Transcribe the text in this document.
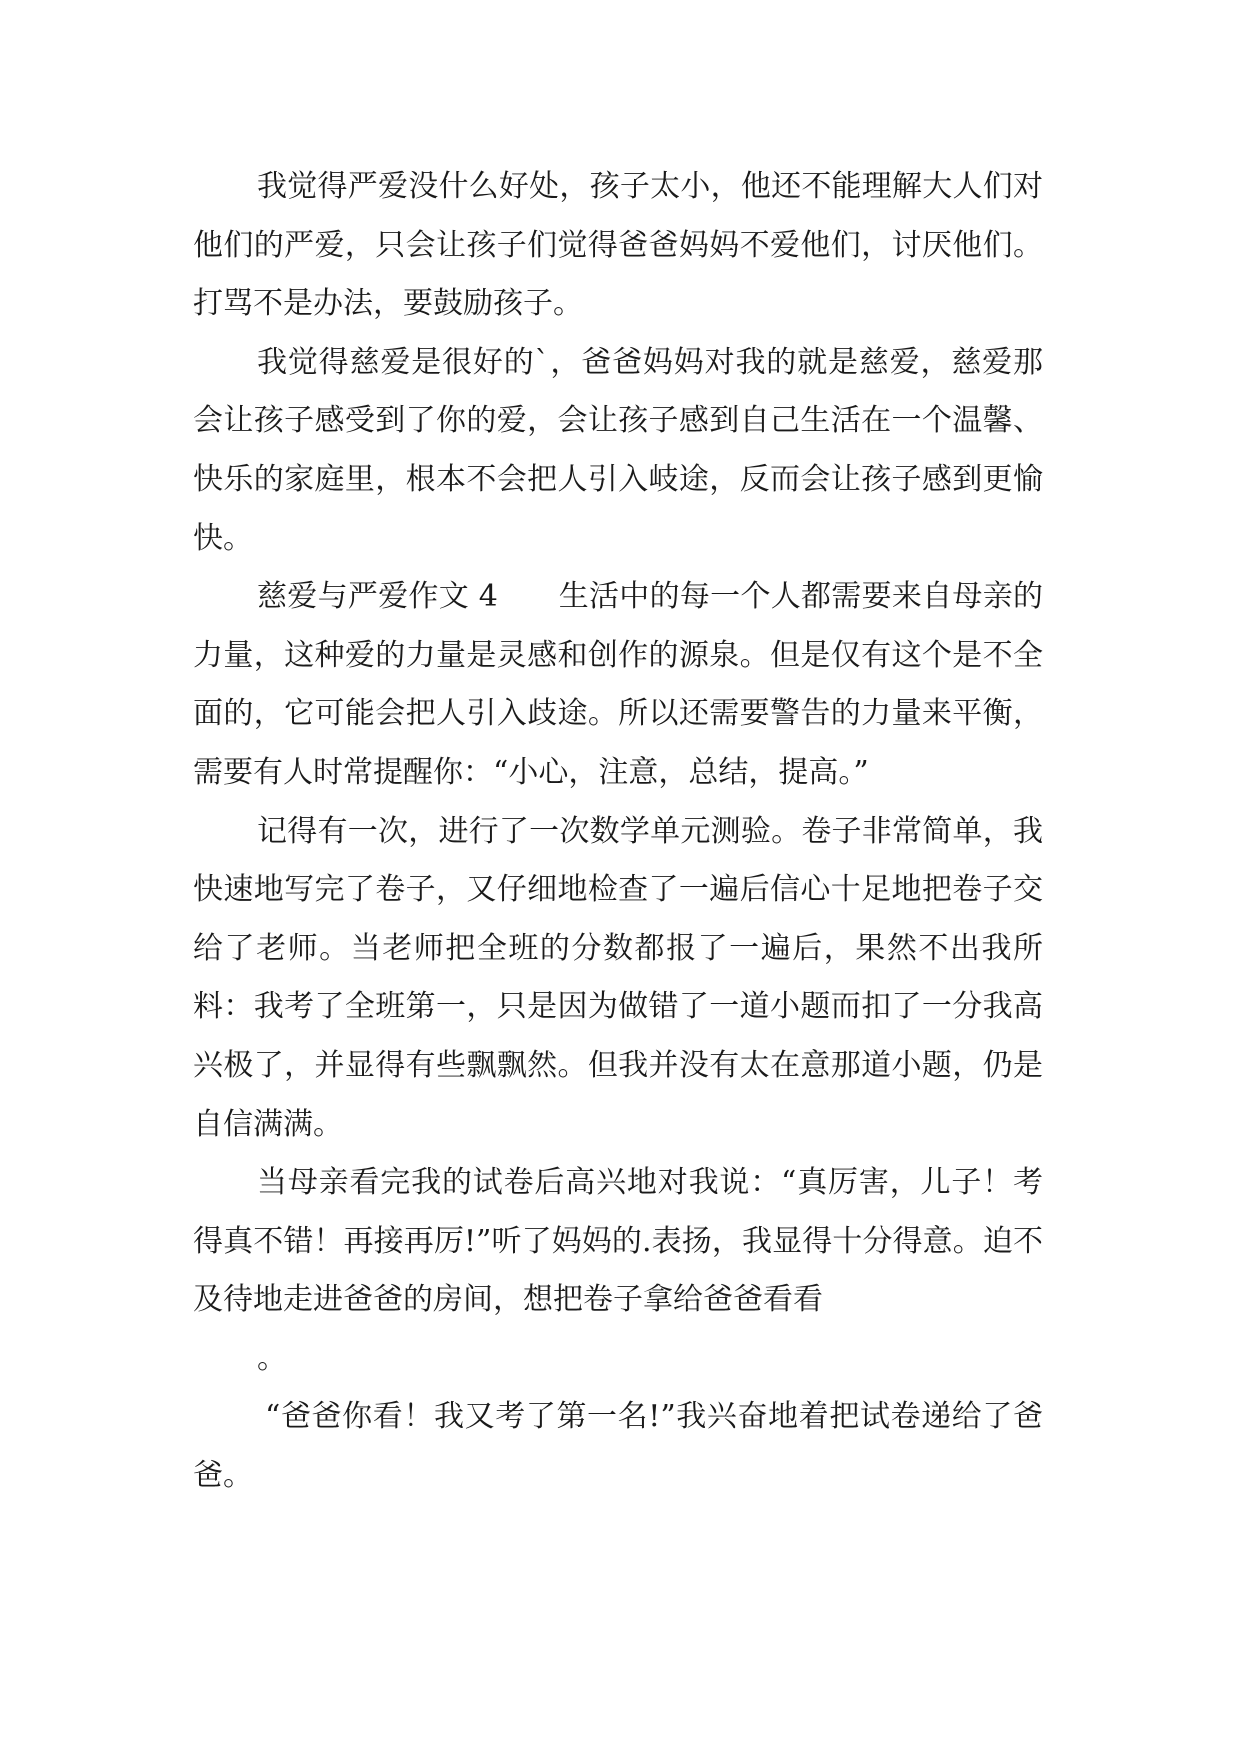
我觉得严爱没什么好处，孩子太小，他还不能理解大人们对他们的严爱，只会让孩子们觉得爸爸妈妈不爱他们，讨厌他们。打骂不是办法，要鼓励孩子。

我觉得慈爱是很好的`，爸爸妈妈对我的就是慈爱，慈爱那会让孩子感受到了你的爱，会让孩子感到自己生活在一个温馨、快乐的家庭里，根本不会把人引入岐途，反而会让孩子感到更愉快。

慈爱与严爱作文 4　　生活中的每一个人都需要来自母亲的力量，这种爱的力量是灵感和创作的源泉。但是仅有这个是不全面的，它可能会把人引入歧途。所以还需要警告的力量来平衡，需要有人时常提醒你：“小心，注意，总结，提高。”

记得有一次，进行了一次数学单元测验。卷子非常简单，我快速地写完了卷子，又仔细地检查了一遍后信心十足地把卷子交给了老师。当老师把全班的分数都报了一遍后，果然不出我所料：我考了全班第一，只是因为做错了一道小题而扣了一分我高兴极了，并显得有些飘飘然。但我并没有太在意那道小题，仍是自信满满。

当母亲看完我的试卷后高兴地对我说：“真厉害，儿子！考得真不错！再接再厉!”听了妈妈的.表扬，我显得十分得意。迫不及待地走进爸爸的房间，想把卷子拿给爸爸看看

。

“爸爸你看！我又考了第一名!”我兴奋地着把试卷递给了爸爸。
